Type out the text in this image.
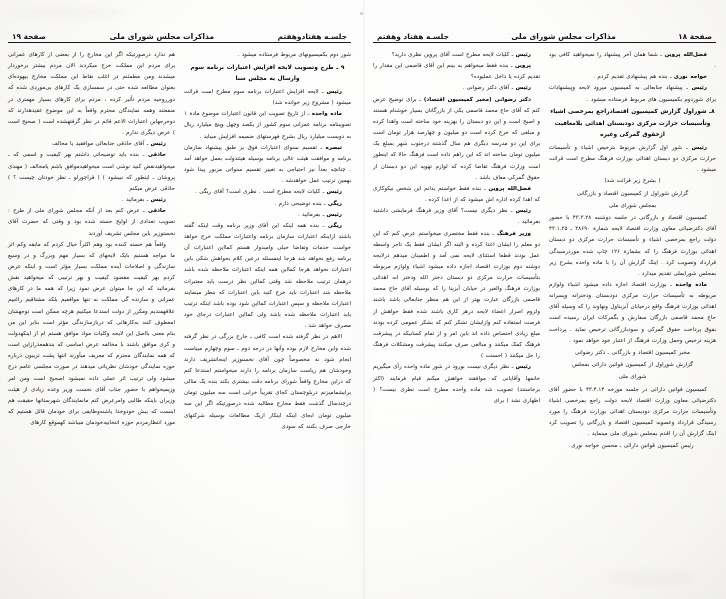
صفحة ۱۸
مذاکرات مجلس شورای ملی
جلسـه هفتاد وهفتم

فضل‌الله پروین ـ شما همان آخر پیشنهاد را نمیخواهید کافی بود .

خواجه نوری ـ بنده هم پیشنهادی تقدیم کردم .

رئیس ـ پیشنهاد جنابعالی به کمیسیون میرود لایحه وپیشنهادات برای شوردوم بکمیسیون های مربوط فرستاده میشود .

۸ـ شوراول گزارش کمیسیون اقتصادراجع بمرخصی اشیاء وتأسیسات حرارت مرکزی دودبستان اهدائی بلامعافیت ازحقوق گمرکی وغیره

رئیس ـ شور اول گزارش مربوط بترخیص اشیاء و تأسیسات حرارت مرکزی دو دبستان اهدائی بوزارت فرهنگ مطرح است قرائت میشود .

( بشرح زیر قرائت شد)

گزارش شوراول از کمیسیون اقتصاد و بازرگانی

بمجلس شورای ملی

کمیسیون اقتصاد و بازرگانی در جلسه دوشنبه ۴۳.۳.۲۸ با حضور آقای دکترضیائی معاون وزارت اقتصاد لایحه شمارة ۳۸۶۹۰ ـ ۴۳.۱.۲۵ دولت راجع بمرخصی اشیاء و تأسیسات حرارت مرکزی دو دبستان اهدائی بوزارت فرهنگ را که بشمارة ۱۲۶ چاپ شده موردرسیدگی قرارداد وتصویب کرد . اینک گزارش آن را با ماده واحده بشرح زیر بمجلس شورایملی تقدیم میدارد .

ماده واحده ـ بوزارت اقتصاد اجازه داده میشود اشیاء ولوازم مربوطه به تأسیسات حرارت مرکزی دودبستان ودخترانه وپسرانه اهدائی بوزارت فرهنگ واقع درخیابان آبزیناول ونهاوند را که وسیله آقای حاج محمد قاصمی بازرگان سفارش و بگمرکات ایران رسیده است بفوق پرداخت حقوق گمرکی و سودبازرگانی ترخیص نماید . پرداخت هزینه ترخیص وحمل وزارت فرهنگ از اعتبار خود خواهد نمود .

مخبر کمیسیون اقتصاد و بازرگانی ـ دکتر رضوانی

گزارش شوراول از کمیسیون قوانین دارائی بمجلس

شورای ملی

کمیسیون قوانین دارائی در جلسه مورخه ۴۳.۴.۱۴ با حضور آقای دکترضیائی معاون وزارت اقتصاد لایحه دولت راجع بمرخصی اشیاء وتأسیسات حرارت مرکزی دودبستان اهدائی بوزارت فرهنگ را مورد رسیدگی قرارداد وعصوبه کمیسیون اقتصاد و بازرگانی را تصویب کرد اینک گزارش آن را اقدم بمجلس شورای ملی مینماید .

رئیس کمیسیون قوانین دارائی ـ محسن خواجه نوری

رئیس ـ کلیات لایحه مطرح است آقای پروین نظری دارید؟

پروین ـ بنده فقط میخواهم به بینم این آقای قاصمی این مقدار را تقدیم کرده یا داخل عملیوده؟

رئیس ـ آقای دکتر رضوانی .

دکتر رضوانی (مخبر کمیسیون اقتصاد) ـ برای توضیح عرض کنم که آقای حاج محمد قاصمی یکی از بازرگانان بسیار خوشنام هستند و اصیح است و این دو دبستان را بهزینه خود ساخته است واهدا کرده و مبلغی که خرج کرده است دو میلیون و چهارصد هزار تومان است برای این دو مدرسه دیگری هم سال گذشته درجنوب شهر بمبلغ یک میلیون تومان ساخته اند که این راهم داده است فرهنگ حالا که اینطور است وزارت فرهنگ تقاضا کرده که لوازم تهویه این دو دبستان از حقوق گمرکی معاف باشد .

فضل‌الله پروین ـ بنده فقط خواستم بدانم این شخص نیکوکاری که اهدا کرده اداره اش میشود که از اعدا کرده .

رئیس ـ نظر دیگری نیست؟ آقای وزیر فرهنگ فرمایشی داشتید بفرمائید .

وزیر فرهنگ ـ بنده فقط مختصری میخواستم عرض کنم که این دو معلم را ایشان اعدا کرده و البته اگر ایشان فقط یک تاجر واسطه عمل بودند قطعا استثنای لایحه نمی آمد و اطمینان میدهم درلایحه دوشنه دوم بوزارت اقتصاد اجازه داده میشود اشیاء ولوازم مربوطه بتأسیسات حرارت مرکزی دو دبستان دختر الله ودختر انه اهدائی بوزارت فرهنگ والغیر در خیابان آبزینا را که بوسیله آقای حاج محمد قاصمی بازرگان عبارت بهتر از این هم منظر جنابعالی باشد باشند ولزوم اصرار اعضاء لایحه درهر کاری باشند شده فقط خواهش از فرصت استفاده کنم وازایشان تشکر کنم که بشکر عمومی کرده بودند مبلغ زیادی اختصاص داده اند باین امر و از تمام کسانیکه در پیشرفت فرهنگ کمک میکنند و مبالغی صرف میکنند پیشرفت ومشکلات فرهنگ را حل میکنند ( احسنت )

رئیس ـ نظر دیگری نیست بورود در شور ماده واحده رأی میگیریم خانمها وآقایانی که موافقند خواهش میکنم قیام فرمایند (اکثر برخاستند) تصویب شد ماده واحده مطرح است نظری نیست؟ ( اظهاری نشد ) برای

جلسـه هفتادوهفتم
مذاکرات مجلس شورای ملی
صفحة ۱۹

شور دوم بکمیسیونهای مربوط فرستاده میشود .

۹ ـ طرح وتصویب لایحه افزایش اعتبارات برنامه سوم وارسال به مجلس سنا

رئیس ـ لایحه افزایش اعتبارات برنامه سوم مطرح است قرائت میشود ( مشروح زیر خوانده شد)

ماده واحده ـ از تاریخ تصویب این قانون اعتبارات موضوع مادة ۱ تصویبنامه برنامه عمرانی سوم کشور از یکصد وچهل وپنج میلیارد ریال به دویست میلیارد ریال بشرح فهرستهای ضمیمه افزایش میباید .

تبصره ـ تقسیم سنوای اعتبارات فوق بر طبق پیشنهاد سازمان برنامه و موافقت هیئت عالی برنامه بوسیله هیئتدولت بعمل خواهد آمد . چنانچه بعداً نیز احتیاجی به تغییر تقسیم سنواتی مزبور پیدا شود بهمین ترتیب عمل خواهدشد .

رئیس ـ کلیات لایحه مطرح است . نظری است؟ آقای ریگی .

ریگی ـ بنده توضیحی دارم .

رئیس ـ بفرمائید .

ریگی ـ بنده همه اینکه این آقای وزیر برنامه وقت اینکه گفته باشند ازاینکه اعتبارات سازمان برنامه واعتبارات مملکت خرج خواهد خواست خدمات وتقاضا خیلی وامیدوار هستم کمااین اعتبارات آن برنامه رفع نخواهد شد هرجا اینمسئله درعین کلام بخواهش شکی باین اعتبارات نخواهد هرجا کمااین همه اینکه اعتبارات ملاحظه شده باشد درهمان ترتیب ملاحظه شد وقتی کمااین نظر درست باید معتبرات ملاحظه شد اعتبارات باید خرج کنید باین اعتبارات که بنظر مینمایند اعتبارات ملاحظه و سپس اعتبارات کمااین شود بوده باشد اینکه ترتیب باید اعتبارات ملاحظه شده باشد ولی کمااین اعتبارات درجای خود مصرف خواهد شد .

الاهم در نظر گرفته شده است کافی ـ خارج بزرگی در نظر گرفته شده واین مخارج لازم بوده وآنها در درجه دوم ـ سوم وچهارم میباست انجام شود نه مخصوصاً چون آقای نخستوزیر اینجاتشریف دارند وخودشان هم ریاست سازمان برنامه را دارند میخواستم استدعا کنم که دراین مخارج واقعاً شورای برنامه دقت بیشتری بکند بنده یک مثالی برایشمامیزنم دربلوچستان کجای تقریباً خرابی است سه میلیون تومان درچندسال گذشت فقط مخارج مطالبه شده درصورتیکه اگر این سه میلیون تومان ابجای اینکه اینکار ازیک مطالعات بوسیله شرکتهای خارجی صرف بکنند که سودی

هم ندارد درصورتیکه اگر این مخارج را از بعضی از کارهای عمرانی برای مردم این مملکت خرج میکردند الان مردم بیشتر برخوردار میشدند ومن مطمئنم در اغلب نقاط این مملکت مخارج بیهوده‌ای بعنوان مطالعه شده حتی در سمسازی یک کارهای بی‌موردی شده که دورروحیه مردم تأثیر کرده ، مردم برای کارهای بسیار مهمتری در منفعتند وهمه نمایندگان محترم واقعاً به این موضوع عقیدهدارند که دوخرجهاین اعتبارات الاعم قائم در نظر گرفتهشده است ( صحیح است ) عرض دیگری ندارم .

رئیس ـ آقای حاذقی جنابعالی موافقید یا مخالف

حاذقی ـ بنده باید توضیحاتی داشتم بهر کیفیت و اسمی که ـ میخواهیدنقض کنید نوشی است میخواهیدموافق باشم یامخالف ( مهندی پروشان ـ اینطور که نبیشود ) ( قراچورلو ـ نظر خودتان چیست ؟ ) حاذقی عرض میکنم

رئیس ـ بفرمائید .

حاذقی ـ عرض کنم بعد از آنکه مجلس شورای ملی از طرح : تصویب تعدادی از لوایح خسته شده بود و وقتی که حضرت آقای نخستوزیر باین مجلس تشریف آوردند

واقعاً هم خسته کننده بود وهم اکثراً خیال کردم که مابقه وکم اثر ما مواجه هستیم بایک لایحهای که بسیار مهم وبزرگ و در وسیع سازندگی و اصلاحات آینده مملکت بسیار مؤثر است و اینکه عرض کردم بهر کیفیت مقصود کیفیت و بهر ترتیبی که میخواهید نقش بفرمائید که این جا میتوان عرض نمود زیرا که همه ما در کارهای عمرانی و سازنده گی مملکت نه تنها مواقعیم بلکه مشتاقیم راغبیم علاقهمندیم ومکرر از دولت استدعا میکنیم هرچه ممکن است توجهشان امعطوف کنند به‌کارهائی که دربازسازندگی مؤثر است بنابر این من بنام معنی بااصل این لایحه وکلیات مواد موافق هستم ام از اینکهدولت و کری موافق باشند با مخالفه عرض اساسی که بندهمعذرازاین است که همه نمایندگان محترم که معریف میآورند انتها پشت تریبون درباره حوزه نمایندگی خودشان نظریاتی میدهند در صورت مجلسی عامم درج میشود ولی ترتیب اثر عملی داده نمیشود اصحیح است ومن امر وزیمیخواهم با حضور جناب آقای نخست وزیر وعده زیادی از هیئت وزیران باینکه طالبی وامرعرض کنم مانمایندگان شهرستانها حقیقت هم اینست که بیش خودوخدا یاشنه‌وظایفی برای خودمان قائل هستیم که مورد انتظارمردم حوزه انتخابیه‌خودمان میباشد کهموقع کارهای
